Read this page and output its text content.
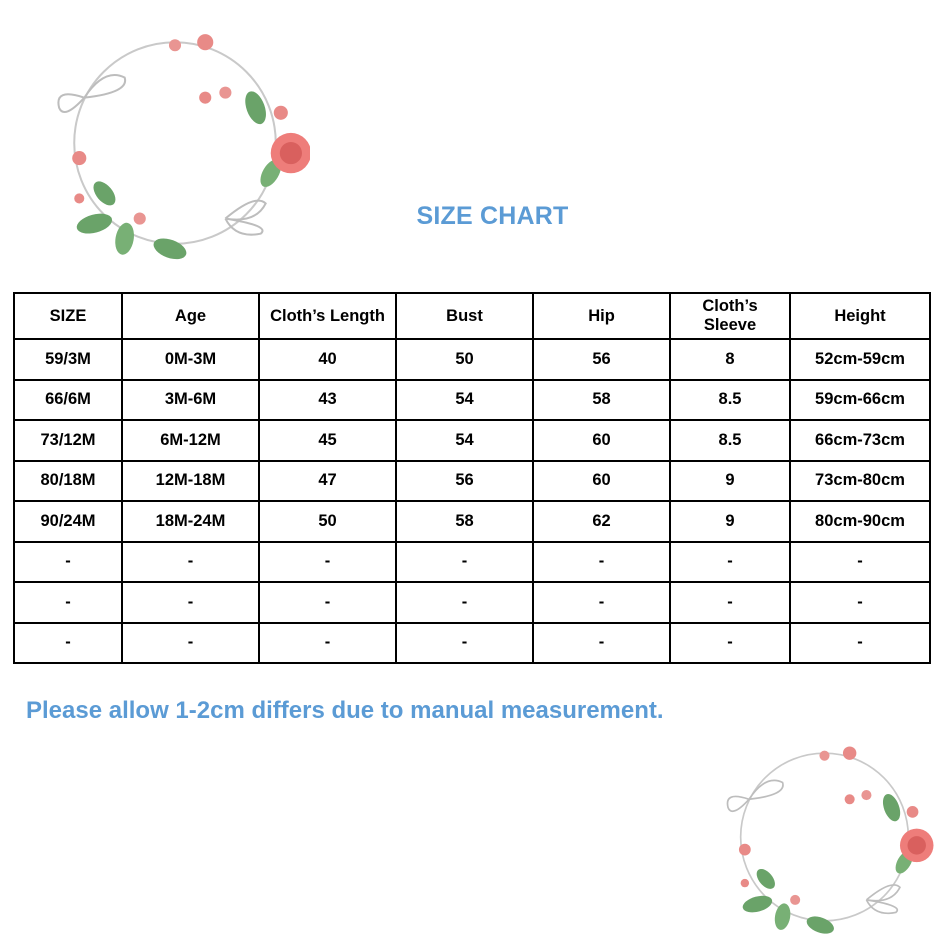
SIZE CHART
SIZE	Age	Cloth’s Length	Bust	Hip	Cloth’s Sleeve	Height
59/3M	0M-3M	40	50	56	8	52cm-59cm
66/6M	3M-6M	43	54	58	8.5	59cm-66cm
73/12M	6M-12M	45	54	60	8.5	66cm-73cm
80/18M	12M-18M	47	56	60	9	73cm-80cm
90/24M	18M-24M	50	58	62	9	80cm-90cm
-	-	-	-	-	-	-
-	-	-	-	-	-	-
-	-	-	-	-	-	-
Please allow 1-2cm differs due to manual measurement.
